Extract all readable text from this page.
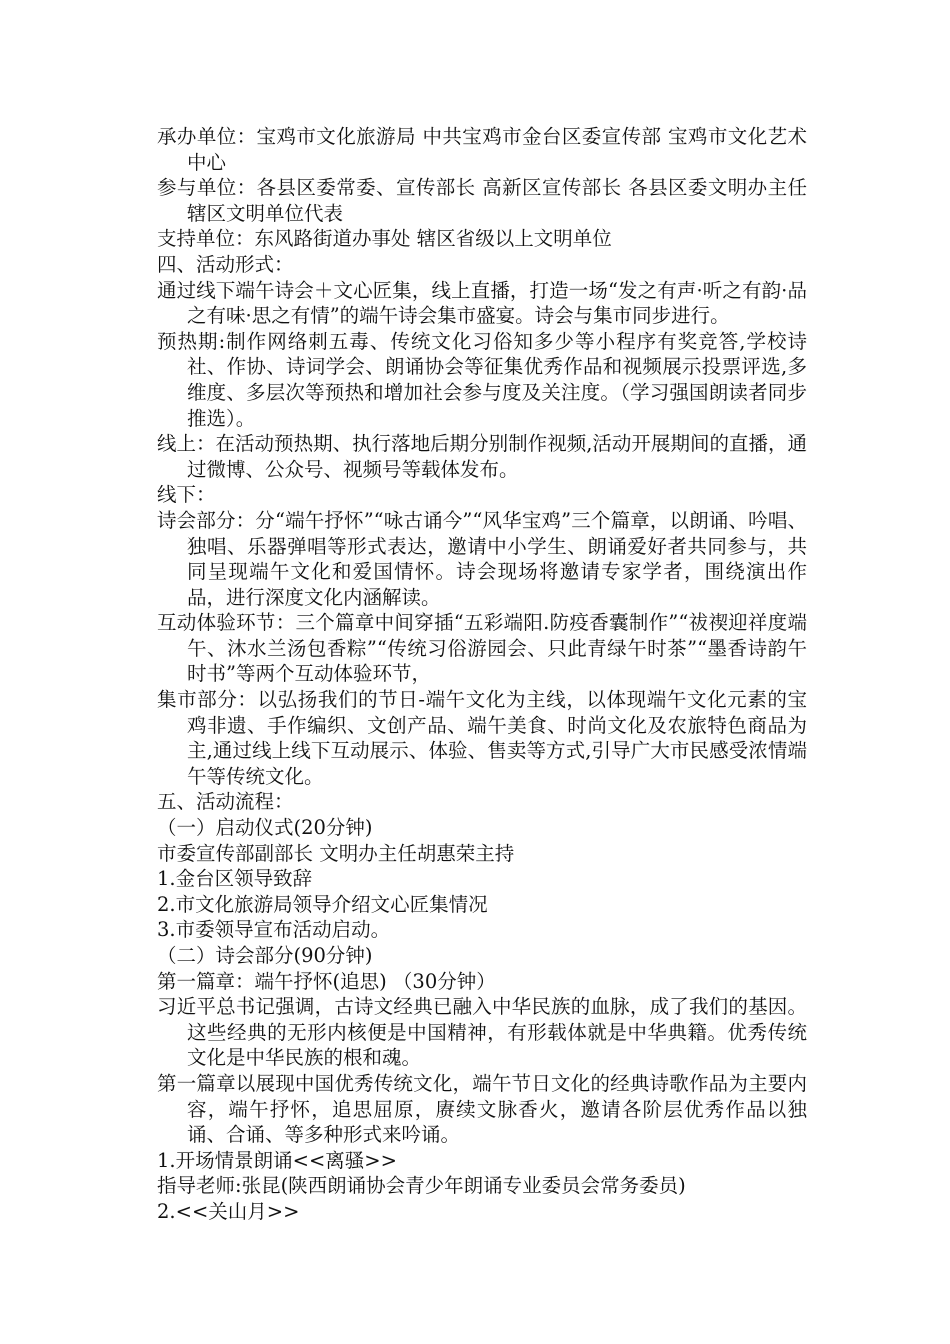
承办单位：宝鸡市文化旅游局 中共宝鸡市金台区委宣传部 宝鸡市文化艺术中心

参与单位：各县区委常委、宣传部长 高新区宣传部长 各县区委文明办主任 辖区文明单位代表

支持单位：东风路街道办事处 辖区省级以上文明单位

四、活动形式：

通过线下端午诗会＋文心匠集，线上直播，打造一场“发之有声·听之有韵·品之有味·思之有情”的端午诗会集市盛宴。诗会与集市同步进行。

预热期:制作网络刺五毒、传统文化习俗知多少等小程序有奖竞答,学校诗社、作协、诗词学会、朗诵协会等征集优秀作品和视频展示投票评选,多维度、多层次等预热和增加社会参与度及关注度。（学习强国朗读者同步推选）。

线上：在活动预热期、执行落地后期分别制作视频,活动开展期间的直播，通过微博、公众号、视频号等载体发布。

线下：

诗会部分：分“端午抒怀”“咏古诵今”“风华宝鸡”三个篇章，以朗诵、吟唱、独唱、乐器弹唱等形式表达，邀请中小学生、朗诵爱好者共同参与，共同呈现端午文化和爱国情怀。诗会现场将邀请专家学者，围绕演出作品，进行深度文化内涵解读。

互动体验环节：三个篇章中间穿插“五彩端阳.防疫香囊制作”“祓禊迎祥度端午、沐水兰汤包香粽”“传统习俗游园会、只此青绿午时茶”“墨香诗韵午时书”等两个互动体验环节，

集市部分：以弘扬我们的节日-端午文化为主线，以体现端午文化元素的宝鸡非遗、手作编织、文创产品、端午美食、时尚文化及农旅特色商品为主,通过线上线下互动展示、体验、售卖等方式,引导广大市民感受浓情端午等传统文化。

五、活动流程：

（一）启动仪式(20分钟)

市委宣传部副部长 文明办主任胡惠荣主持

1.金台区领导致辞

2.市文化旅游局领导介绍文心匠集情况

3.市委领导宣布活动启动。

（二）诗会部分(90分钟)

第一篇章：端午抒怀(追思) （30分钟）

习近平总书记强调，古诗文经典已融入中华民族的血脉，成了我们的基因。这些经典的无形内核便是中国精神，有形载体就是中华典籍。优秀传统文化是中华民族的根和魂。

第一篇章以展现中国优秀传统文化，端午节日文化的经典诗歌作品为主要内容，端午抒怀，追思屈原，赓续文脉香火，邀请各阶层优秀作品以独诵、合诵、等多种形式来吟诵。

1.开场情景朗诵<<离骚>>

指导老师:张昆(陕西朗诵协会青少年朗诵专业委员会常务委员)

2.<<关山月>>
